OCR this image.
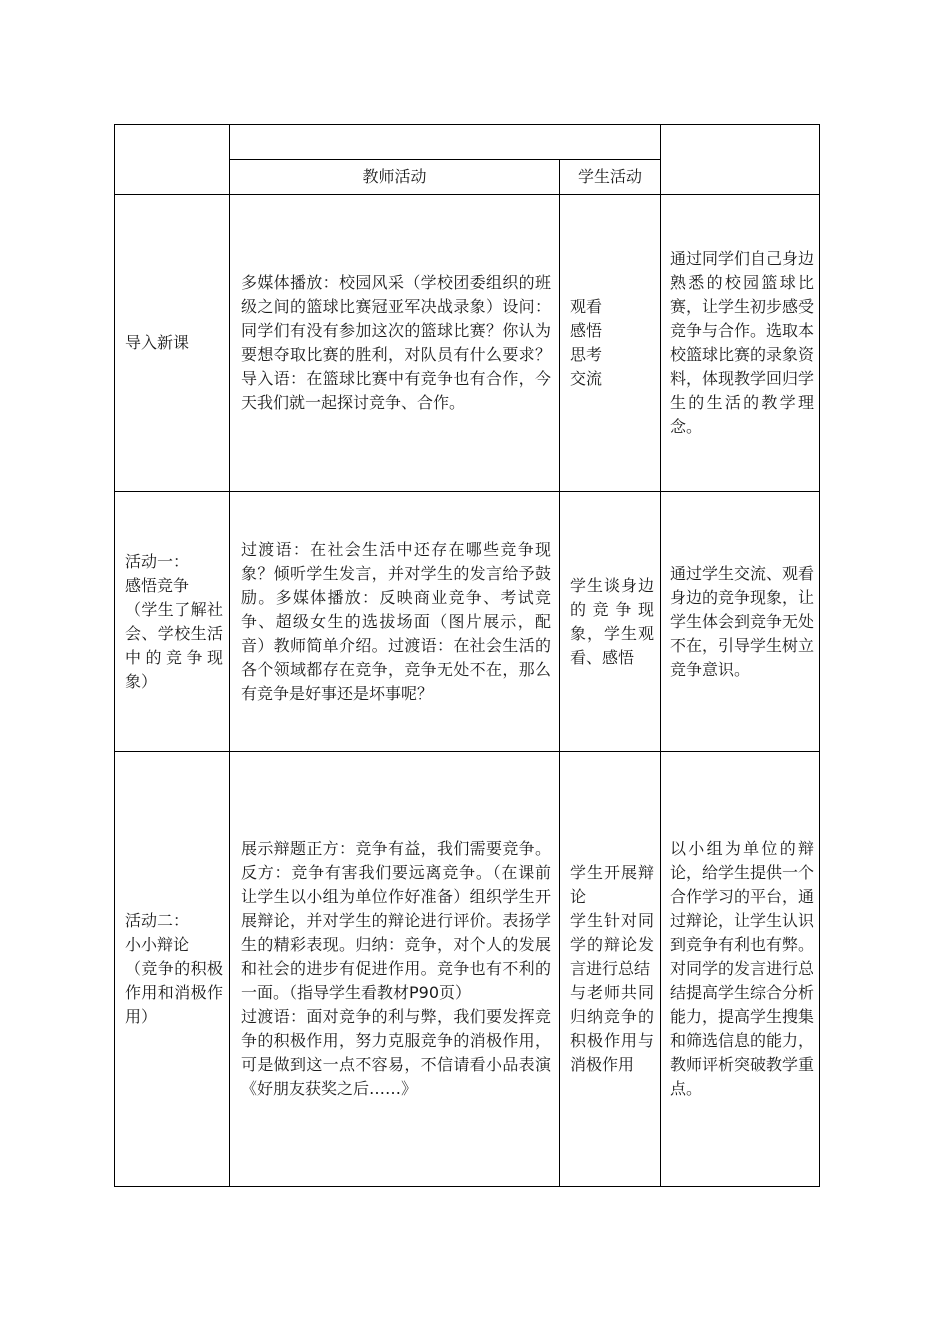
	教师活动	学生活动	

导入新课	多媒体播放：校园风采（学校团委组织的班级之间的篮球比赛冠亚军决战录象）设问：同学们有没有参加这次的篮球比赛？你认为要想夺取比赛的胜利，对队员有什么要求？　导入语：在篮球比赛中有竞争也有合作，今天我们就一起探讨竞争、合作。	观看
感悟
思考
交流	通过同学们自己身边熟悉的校园篮球比赛，让学生初步感受竞争与合作。选取本校篮球比赛的录象资料，体现教学回归学生的生活的教学理念。

活动一：
感悟竞争
（学生了解社会、学校生活中的竞争现象）	过渡语：在社会生活中还存在哪些竞争现象？倾听学生发言，并对学生的发言给予鼓励。多媒体播放：反映商业竞争、考试竞争、超级女生的选拔场面（图片展示，配音）教师简单介绍。过渡语：在社会生活的各个领域都存在竞争，竞争无处不在，那么有竞争是好事还是坏事呢？	学生谈身边的竞争现象，学生观看、感悟	通过学生交流、观看身边的竞争现象，让学生体会到竞争无处不在，引导学生树立竞争意识。

活动二：
小小辩论
（竞争的积极作用和消极作用）	展示辩题正方：竞争有益，我们需要竞争。反方：竞争有害我们要远离竞争。（在课前让学生以小组为单位作好准备）组织学生开展辩论，并对学生的辩论进行评价。表扬学生的精彩表现。归纳：竞争，对个人的发展和社会的进步有促进作用。竞争也有不利的一面。（指导学生看教材P90页）
过渡语：面对竞争的利与弊，我们要发挥竞争的积极作用，努力克服竞争的消极作用，可是做到这一点不容易，不信请看小品表演《好朋友获奖之后……》	学生开展辩论
学生针对同学的辩论发言进行总结
与老师共同归纳竞争的积极作用与消极作用	以小组为单位的辩论，给学生提供一个合作学习的平台，通过辩论，让学生认识到竞争有利也有弊。对同学的发言进行总结提高学生综合分析能力，提高学生搜集和筛选信息的能力，教师评析突破教学重点。
